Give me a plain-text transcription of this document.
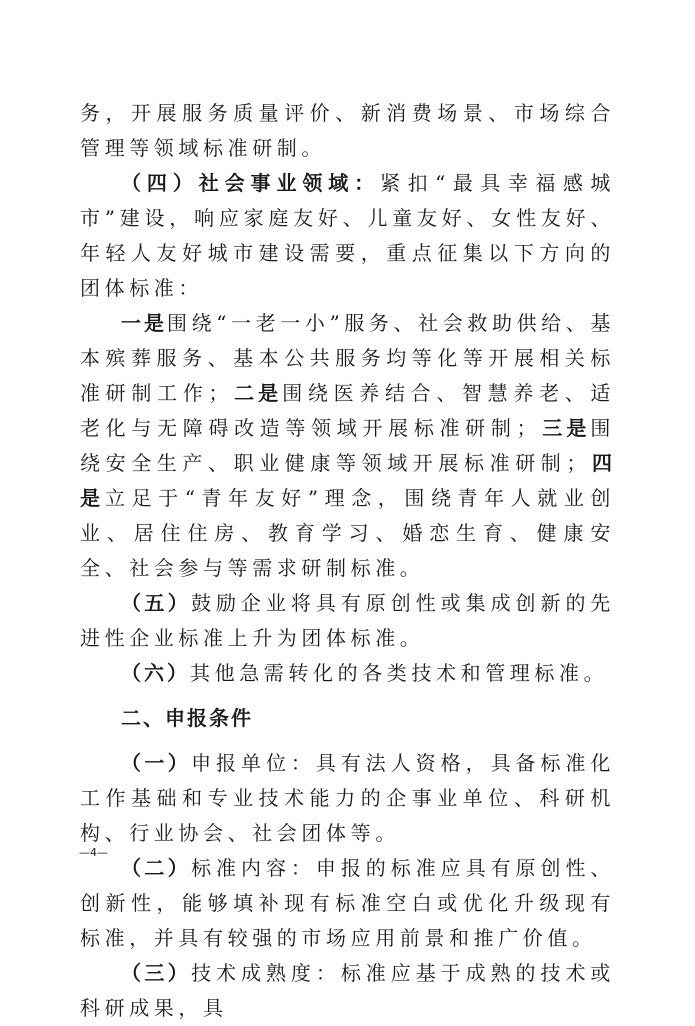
务，开展服务质量评价、新消费场景、市场综合管理等领域标准研制。

（四）社会事业领域：紧扣“最具幸福感城市”建设，响应家庭友好、儿童友好、女性友好、年轻人友好城市建设需要，重点征集以下方向的团体标准：

一是围绕“一老一小”服务、社会救助供给、基本殡葬服务、基本公共服务均等化等开展相关标准研制工作；二是围绕医养结合、智慧养老、适老化与无障碍改造等领域开展标准研制；三是围绕安全生产、职业健康等领域开展标准研制；四是立足于“青年友好”理念，围绕青年人就业创业、居住住房、教育学习、婚恋生育、健康安全、社会参与等需求研制标准。

（五）鼓励企业将具有原创性或集成创新的先进性企业标准上升为团体标准。

（六）其他急需转化的各类技术和管理标准。

二、申报条件

（一）申报单位：具有法人资格，具备标准化工作基础和专业技术能力的企事业单位、科研机构、行业协会、社会团体等。

（二）标准内容：申报的标准应具有原创性、创新性，能够填补现有标准空白或优化升级现有标准，并具有较强的市场应用前景和推广价值。

（三）技术成熟度：标准应基于成熟的技术或科研成果，具

—4—
